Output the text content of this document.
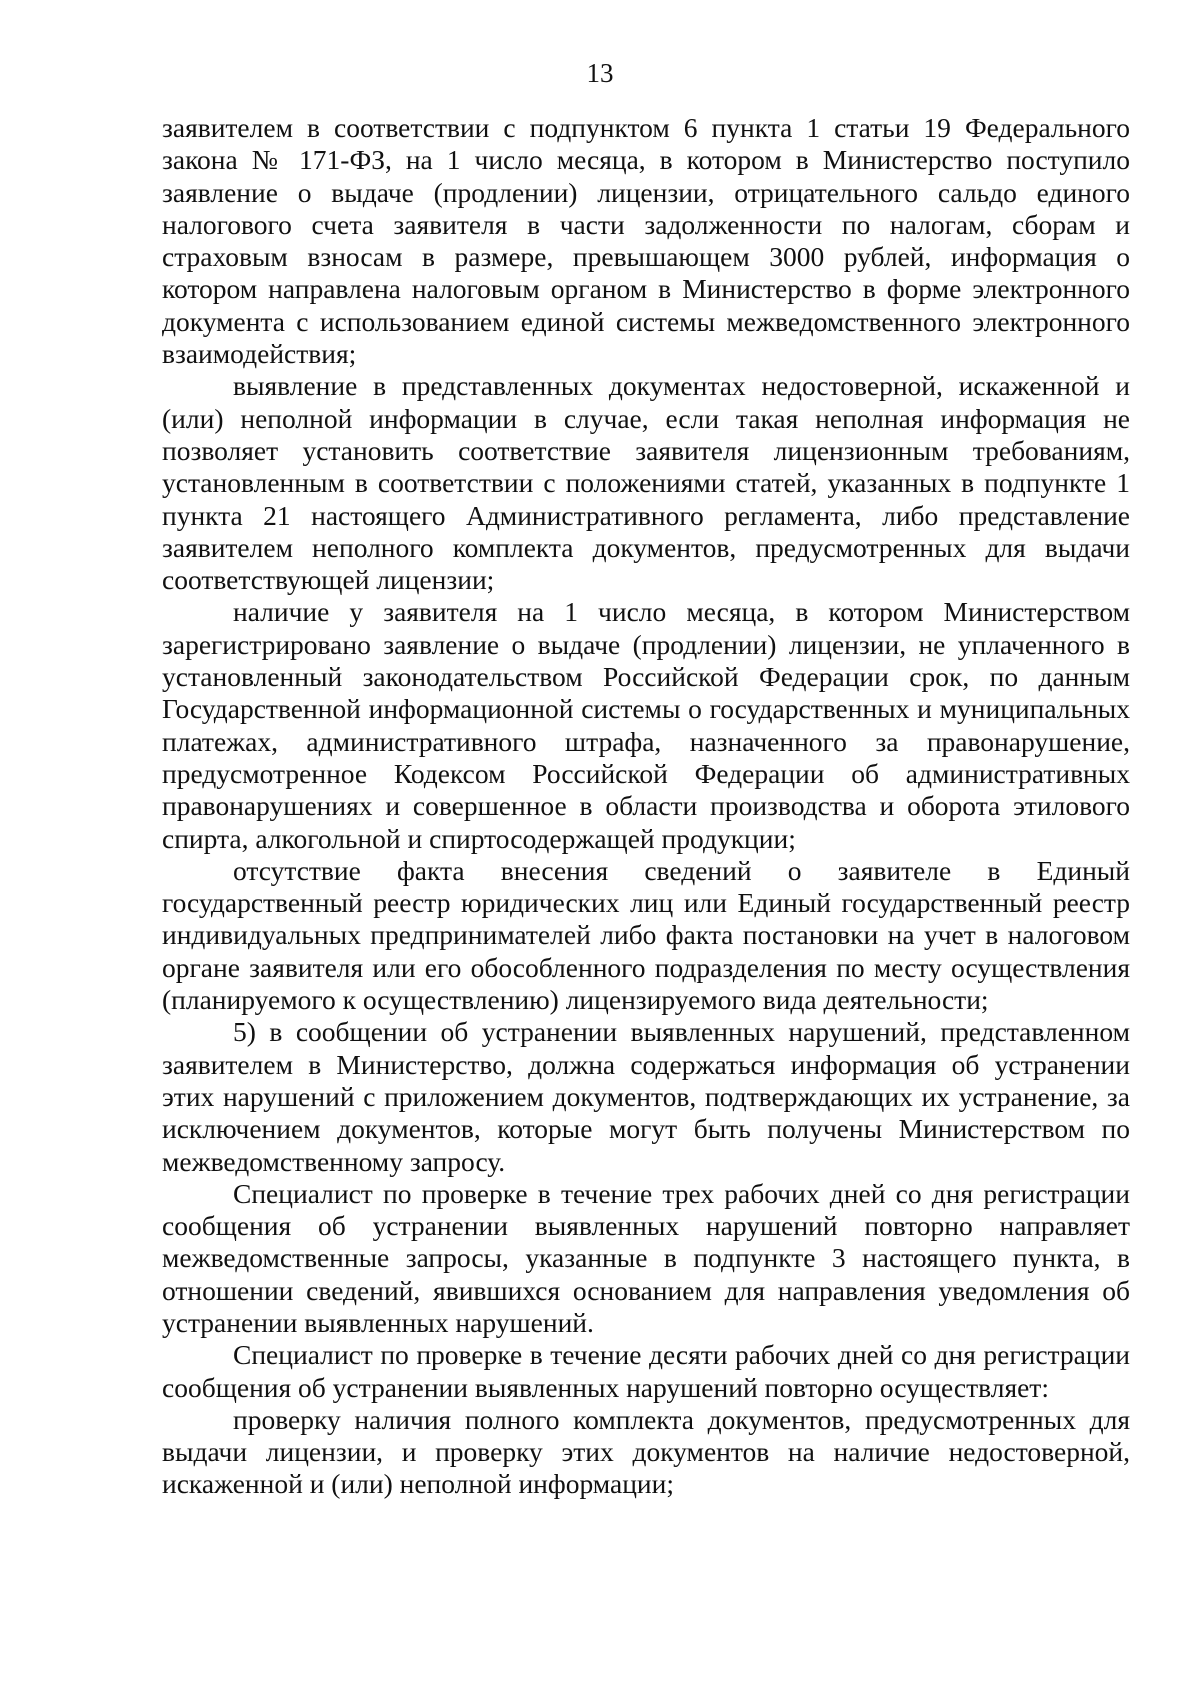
13

заявителем в соответствии с подпунктом 6 пункта 1 статьи 19 Федерального закона № 171-ФЗ, на 1 число месяца, в котором в Министерство поступило заявление о выдаче (продлении) лицензии, отрицательного сальдо единого налогового счета заявителя в части задолженности по налогам, сборам и страховым взносам в размере, превышающем 3000 рублей, информация о котором направлена налоговым органом в Министерство в форме электронного документа с использованием единой системы межведомственного электронного взаимодействия;

выявление в представленных документах недостоверной, искаженной и (или) неполной информации в случае, если такая неполная информация не позволяет установить соответствие заявителя лицензионным требованиям, установленным в соответствии с положениями статей, указанных в подпункте 1 пункта 21 настоящего Административного регламента, либо представление заявителем неполного комплекта документов, предусмотренных для выдачи соответствующей лицензии;

наличие у заявителя на 1 число месяца, в котором Министерством зарегистрировано заявление о выдаче (продлении) лицензии, не уплаченного в установленный законодательством Российской Федерации срок, по данным Государственной информационной системы о государственных и муниципальных платежах, административного штрафа, назначенного за правонарушение, предусмотренное Кодексом Российской Федерации об административных правонарушениях и совершенное в области производства и оборота этилового спирта, алкогольной и спиртосодержащей продукции;

отсутствие факта внесения сведений о заявителе в Единый государственный реестр юридических лиц или Единый государственный реестр индивидуальных предпринимателей либо факта постановки на учет в налоговом органе заявителя или его обособленного подразделения по месту осуществления (планируемого к осуществлению) лицензируемого вида деятельности;

5) в сообщении об устранении выявленных нарушений, представленном заявителем в Министерство, должна содержаться информация об устранении этих нарушений с приложением документов, подтверждающих их устранение, за исключением документов, которые могут быть получены Министерством по межведомственному запросу.

Специалист по проверке в течение трех рабочих дней со дня регистрации сообщения об устранении выявленных нарушений повторно направляет межведомственные запросы, указанные в подпункте 3 настоящего пункта, в отношении сведений, явившихся основанием для направления уведомления об устранении выявленных нарушений.

Специалист по проверке в течение десяти рабочих дней со дня регистрации сообщения об устранении выявленных нарушений повторно осуществляет:

проверку наличия полного комплекта документов, предусмотренных для выдачи лицензии, и проверку этих документов на наличие недостоверной, искаженной и (или) неполной информации;
